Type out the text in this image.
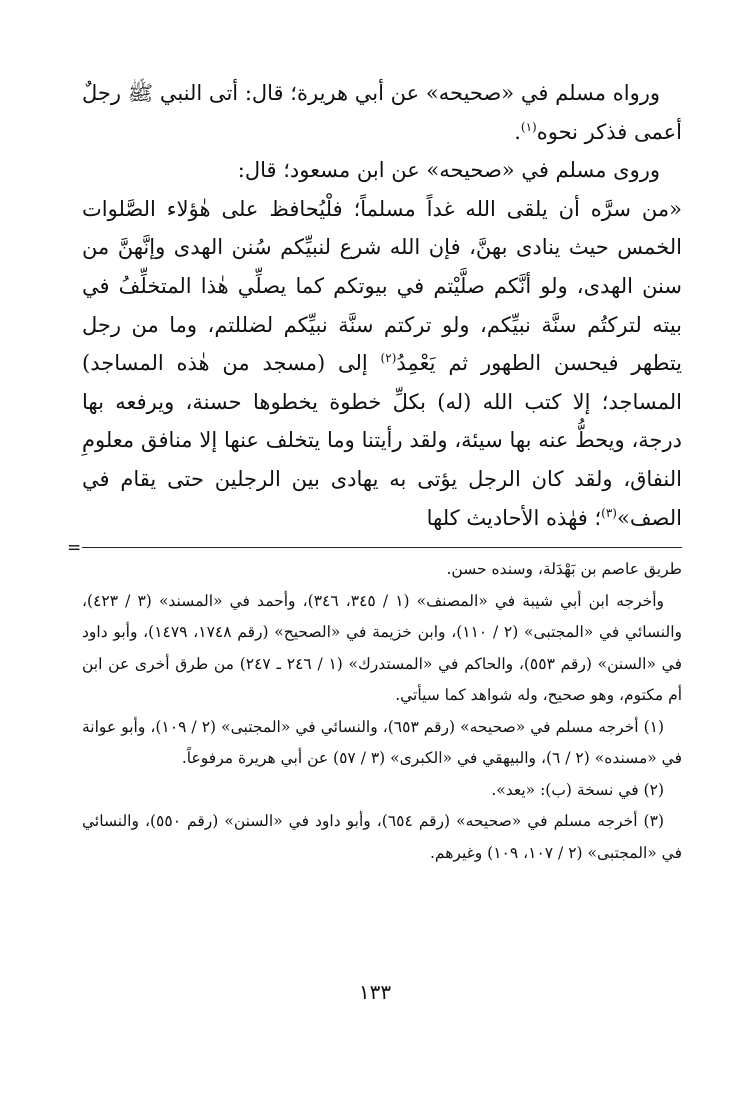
ورواه مسلم في «صحيحه» عن أبي هريرة؛ قال: أتى النبي ﷺ رجلٌ أعمى فذكر نحوه$^{(١)}$.

وروى مسلم في «صحيحه» عن ابن مسعود؛ قال:

«من سرَّه أن يلقى الله غداً مسلماً؛ فلْيُحافظ على هٰؤلاء الصَّلوات الخمس حيث ينادى بهنَّ، فإن الله شرع لنبيِّكم سُنن الهدى وإنَّهنَّ من سنن الهدى، ولو أنَّكم صلَّيْتم في بيوتكم كما يصلِّي هٰذا المتخلِّفُ في بيته لتركتُم سنَّة نبيِّكم، ولو تركتم سنَّة نبيِّكم لضللتم، وما من رجل يتطهر فيحسن الطهور ثم يَعْمِدُ$^{(٢)}$ إلى (مسجد من هٰذه المساجد) المساجد؛ إلا كتب الله (له) بكلِّ خطوة يخطوها حسنة، ويرفعه بها درجة، ويحطُّ عنه بها سيئة، ولقد رأيتنا وما يتخلف عنها إلا منافق معلومِ النفاق، ولقد كان الرجل يؤتى به يهادى بين الرجلين حتى يقام في الصف»$^{(٣)}$؛ فهٰذه الأحاديث كلها

طريق عاصم بن بَهْدَلة، وسنده حسن.

وأخرجه ابن أبي شيبة في «المصنف» (١ / ٣٤٥، ٣٤٦)، وأحمد في «المسند» (٣ / ٤٢٣)، والنسائي في «المجتبى» (٢ / ١١٠)، وابن خزيمة في «الصحيح» (رقم ١٧٤٨، ١٤٧٩)، وأبو داود في «السنن» (رقم ٥٥٣)، والحاكم في «المستدرك» (١ / ٢٤٦ ـ ٢٤٧) من طرق أخرى عن ابن أم مكتوم، وهو صحيح، وله شواهد كما سيأتي.

(١) أخرجه مسلم في «صحيحه» (رقم ٦٥٣)، والنسائي في «المجتبى» (٢ / ١٠٩)، وأبو عوانة في «مسنده» (٢ / ٦)، والبيهقي في «الكبرى» (٣ / ٥٧) عن أبي هريرة مرفوعاً.

(٢) في نسخة (ب): «يعد».

(٣) أخرجه مسلم في «صحيحه» (رقم ٦٥٤)، وأبو داود في «السنن» (رقم ٥٥٠)، والنسائي في «المجتبى» (٢ / ١٠٧، ١٠٩) وغيرهم.

=
١٣٣
